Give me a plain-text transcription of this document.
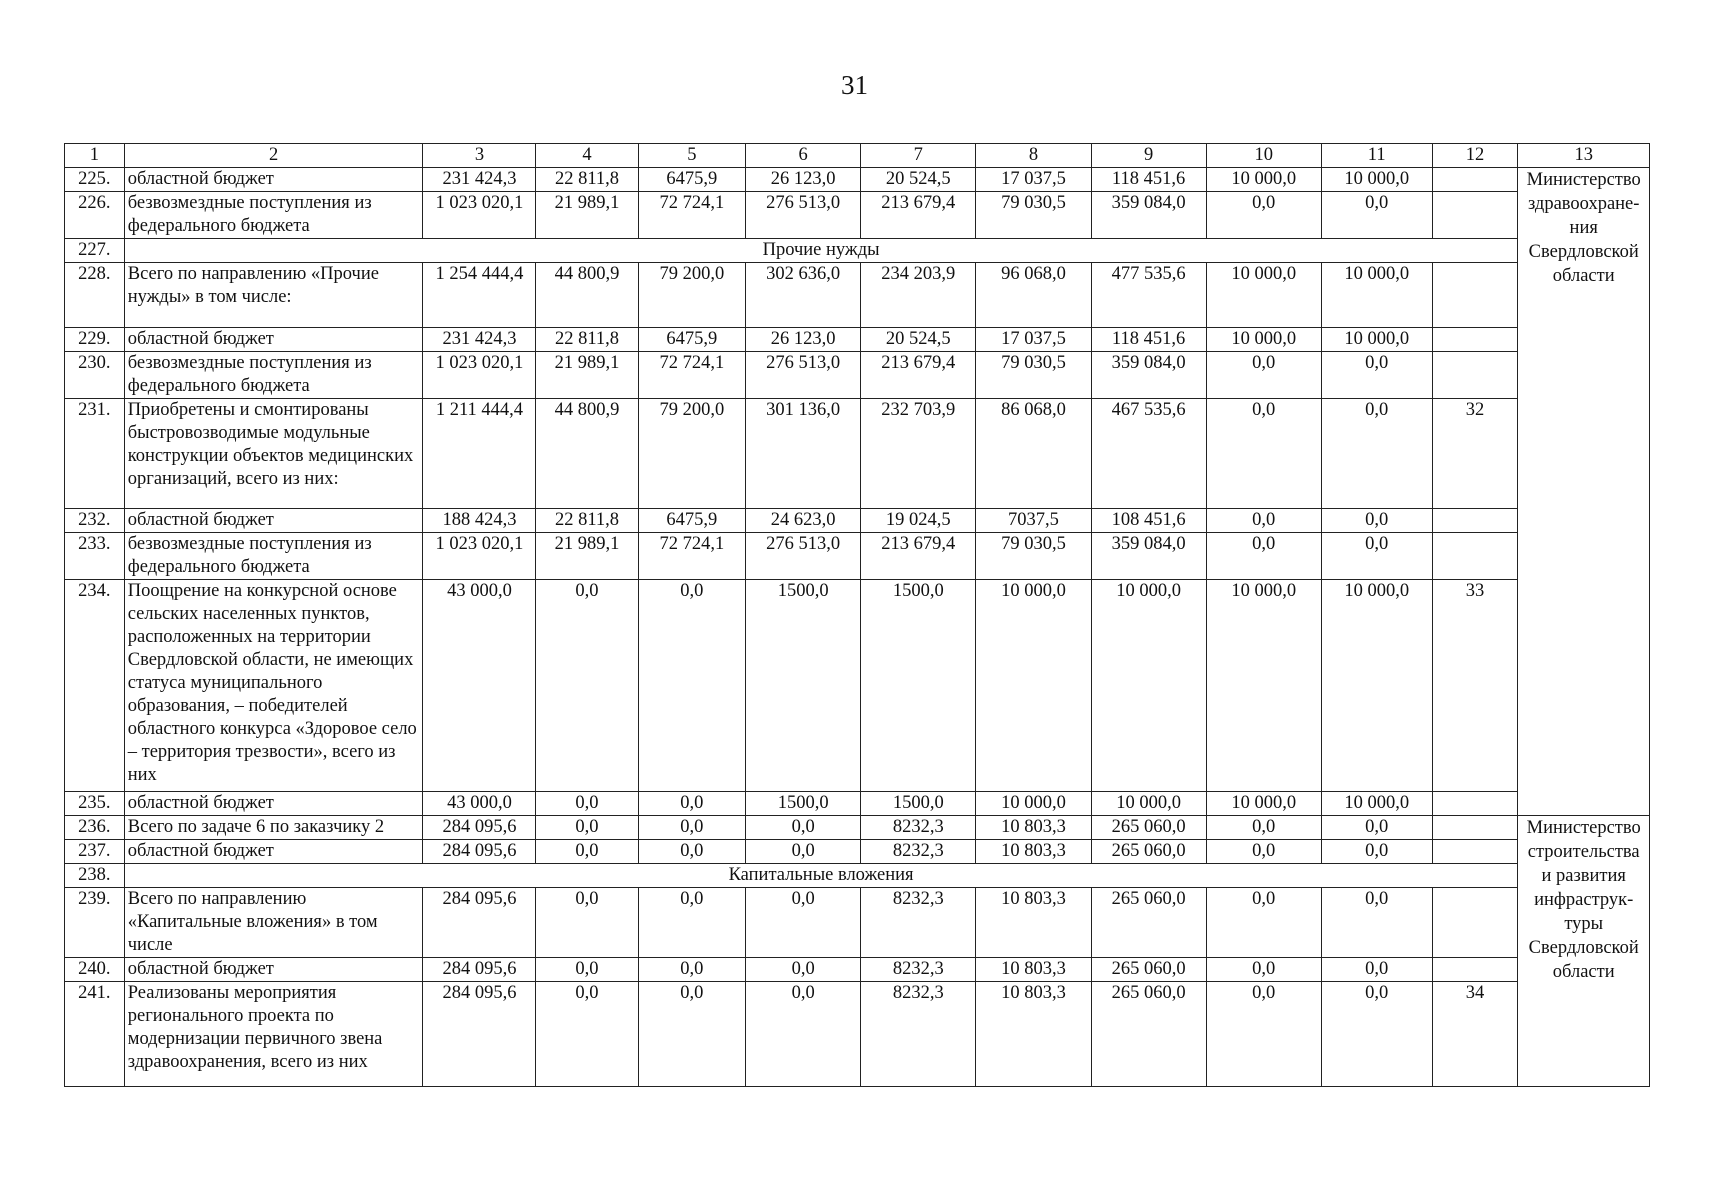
31
1	2	3	4	5	6	7	8	9	10	11	12	13
225.	областной бюджет	231 424,3	22 811,8	6475,9	26 123,0	20 524,5	17 037,5	118 451,6	10 000,0	10 000,0		Министерство здравоохране-ния Свердловской области
226.	безвозмездные поступления из федерального бюджета	1 023 020,1	21 989,1	72 724,1	276 513,0	213 679,4	79 030,5	359 084,0	0,0	0,0		
227.	Прочие нужды											
228.	Всего по направлению «Прочие нужды» в том числе:	1 254 444,4	44 800,9	79 200,0	302 636,0	234 203,9	96 068,0	477 535,6	10 000,0	10 000,0		
229.	областной бюджет	231 424,3	22 811,8	6475,9	26 123,0	20 524,5	17 037,5	118 451,6	10 000,0	10 000,0		
230.	безвозмездные поступления из федерального бюджета	1 023 020,1	21 989,1	72 724,1	276 513,0	213 679,4	79 030,5	359 084,0	0,0	0,0		
231.	Приобретены и смонтированы быстровозводимые модульные конструкции объектов медицинских организаций, всего из них:	1 211 444,4	44 800,9	79 200,0	301 136,0	232 703,9	86 068,0	467 535,6	0,0	0,0	32	
232.	областной бюджет	188 424,3	22 811,8	6475,9	24 623,0	19 024,5	7037,5	108 451,6	0,0	0,0		
233.	безвозмездные поступления из федерального бюджета	1 023 020,1	21 989,1	72 724,1	276 513,0	213 679,4	79 030,5	359 084,0	0,0	0,0		
234.	Поощрение на конкурсной основе сельских населенных пунктов, расположенных на территории Свердловской области, не имеющих статуса муниципального образования, – победителей областного конкурса «Здоровое село – территория трезвости», всего из них	43 000,0	0,0	0,0	1500,0	1500,0	10 000,0	10 000,0	10 000,0	10 000,0	33	
235.	областной бюджет	43 000,0	0,0	0,0	1500,0	1500,0	10 000,0	10 000,0	10 000,0	10 000,0		
236.	Всего по задаче 6 по заказчику 2	284 095,6	0,0	0,0	0,0	8232,3	10 803,3	265 060,0	0,0	0,0		Министерство строительства и развития инфраструк-туры Свердловской области
237.	областной бюджет	284 095,6	0,0	0,0	0,0	8232,3	10 803,3	265 060,0	0,0	0,0		
238.	Капитальные вложения											
239.	Всего по направлению «Капитальные вложения» в том числе	284 095,6	0,0	0,0	0,0	8232,3	10 803,3	265 060,0	0,0	0,0		
240.	областной бюджет	284 095,6	0,0	0,0	0,0	8232,3	10 803,3	265 060,0	0,0	0,0		
241.	Реализованы мероприятия регионального проекта по модернизации первичного звена здравоохранения, всего из них	284 095,6	0,0	0,0	0,0	8232,3	10 803,3	265 060,0	0,0	0,0	34	
